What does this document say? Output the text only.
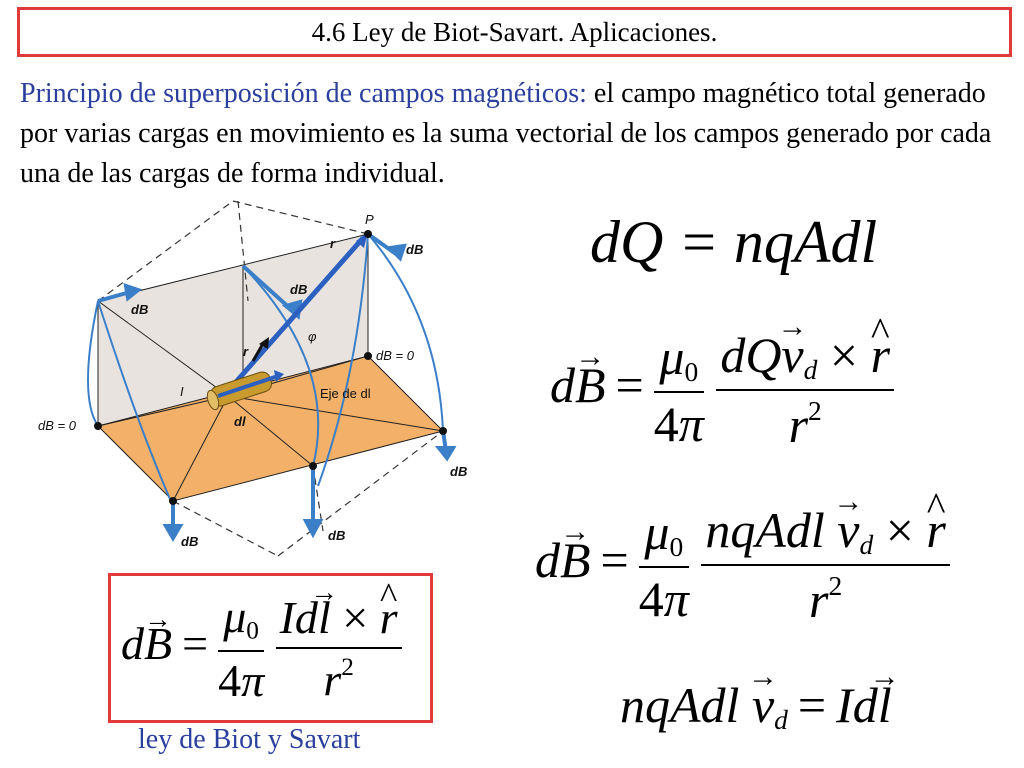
4.6 Ley de Biot-Savart. Aplicaciones.

Principio de superposición de campos magnéticos: el campo magnético total generado por varias cargas en movimiento es la suma vectorial de los campos generado por cada una de las cargas de forma individual.

P
r	dB
dB
dB
dB = 0
dB = 0
r
φ
I
dl
Eje de dl
dB	dB
dB
dQ = nqAdl
$d\to B = \frac{\mu_0}{4\pi}$
$\frac{dQ\to v_d \times \^{} r}{r^2}$
$d\to B = \frac{\mu_0}{4\pi}$
$\frac{nqAdl \to v_d \times \^{} r}{r^2}$
nqAdl → $v_d = Id\to l$
$d\to B = \frac{\mu_0}{4\pi}$
$\frac{Id\to l \times \^{} r}{r^2}$
ley de Biot y Savart
